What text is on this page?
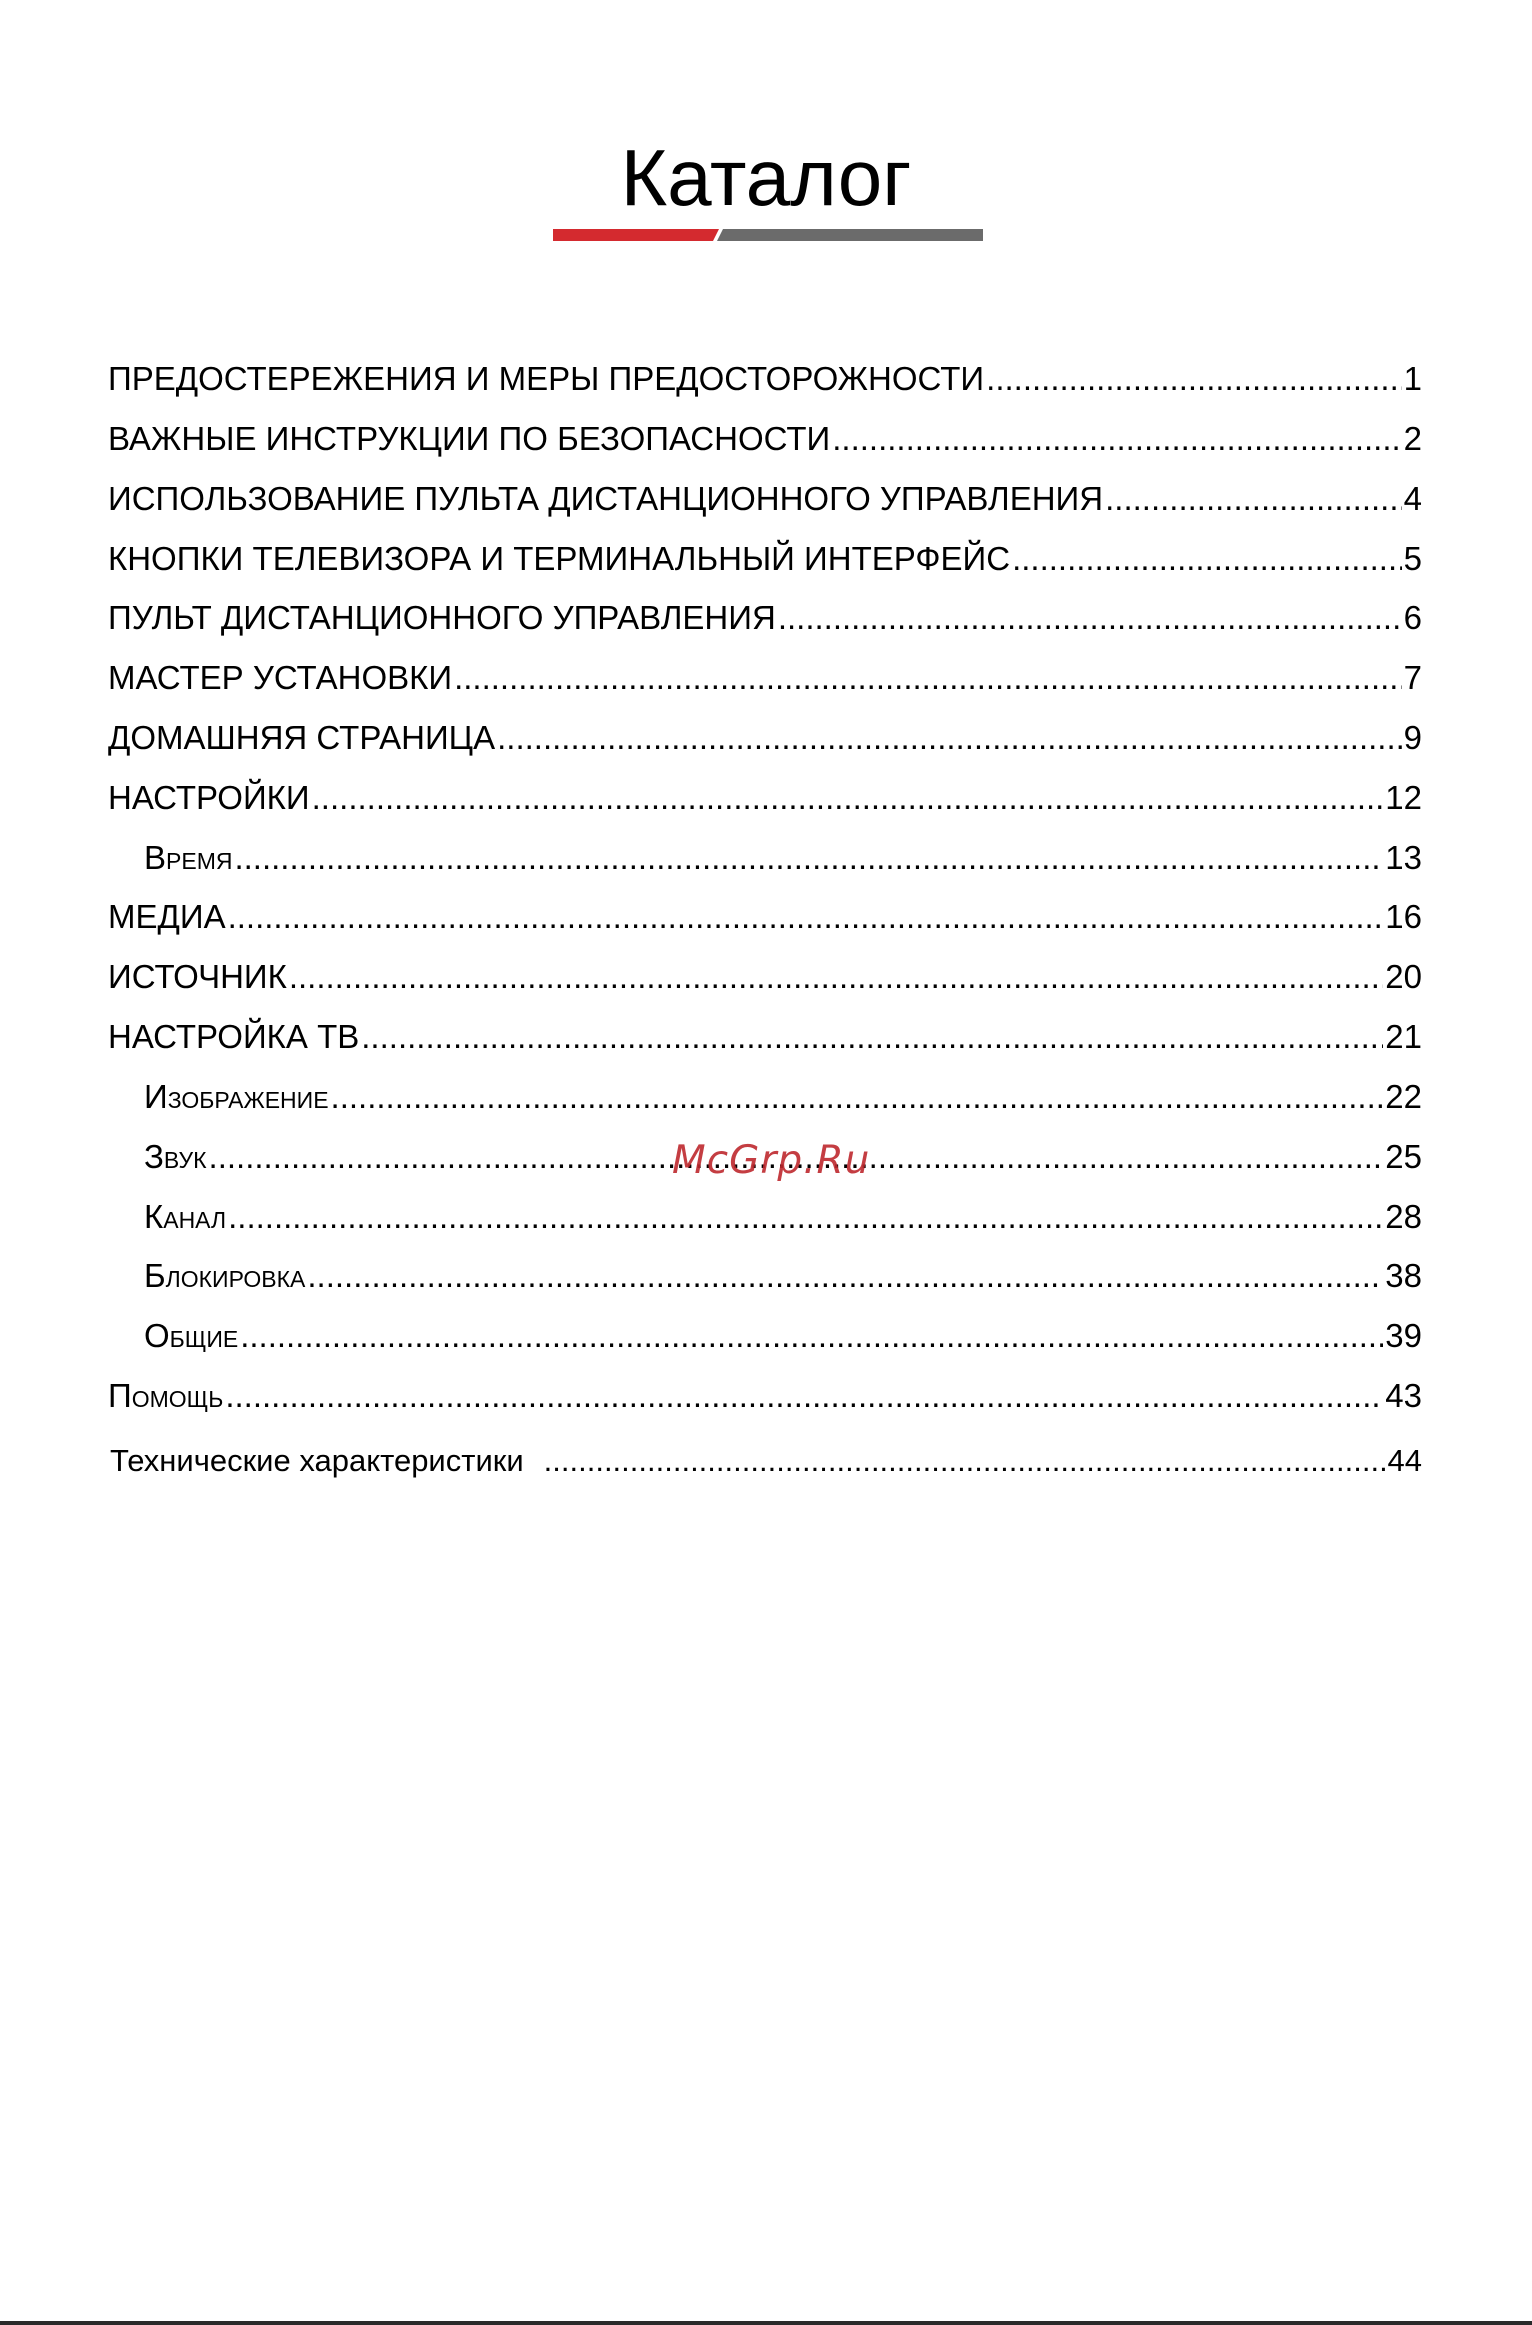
Каталог
ПРЕДОСТЕРЕЖЕНИЯ И МЕРЫ ПРЕДОСТОРОЖНОСТИ .....	1
ВАЖНЫЕ ИНСТРУКЦИИ ПО БЕЗОПАСНОСТИ .....	2
ИСПОЛЬЗОВАНИЕ ПУЛЬТА ДИСТАНЦИОННОГО УПРАВЛЕНИЯ .....	4
КНОПКИ ТЕЛЕВИЗОРА И ТЕРМИНАЛЬНЫЙ ИНТЕРФЕЙС .....	5
ПУЛЬТ ДИСТАНЦИОННОГО УПРАВЛЕНИЯ .....	6
МАСТЕР УСТАНОВКИ .....	7
ДОМАШНЯЯ СТРАНИЦА .....	9
НАСТРОЙКИ .....	12
Время .....	13
МЕДИА .....	16
ИСТОЧНИК .....	20
НАСТРОЙКА ТВ .....	21
Изображение .....	22
Звук .....	25
Канал .....	28
Блокировка .....	38
Общие .....	39
Помощь .....	43
Технические характеристики .....	44
McGrp.Ru
